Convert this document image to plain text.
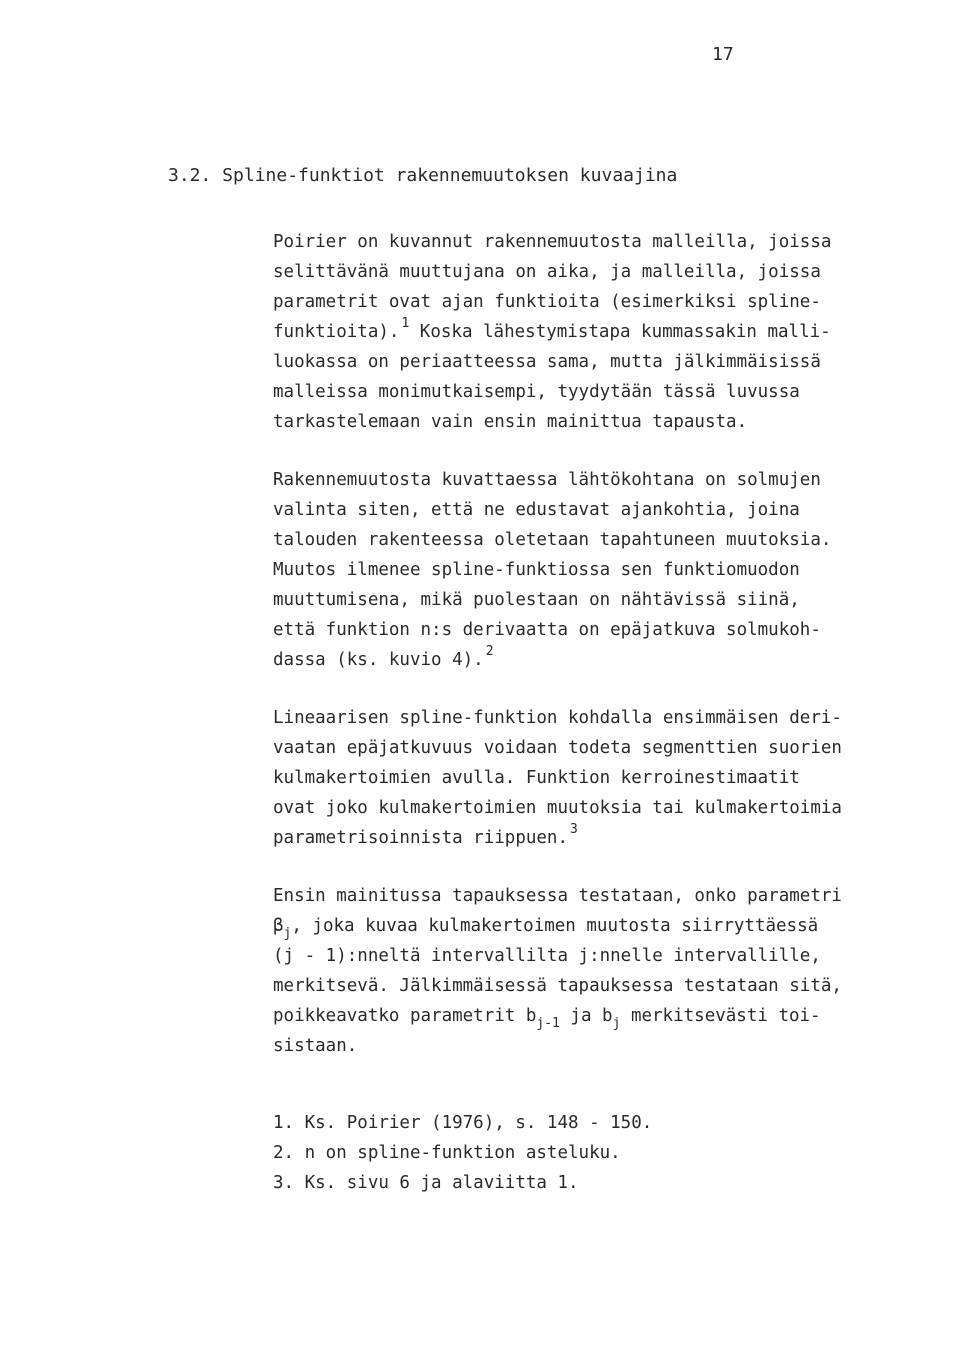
17
3.2. Spline-funktiot rakennemuutoksen kuvaajina
Poirier on kuvannut rakennemuutosta malleilla, joissa
selittävänä muuttujana on aika, ja malleilla, joissa
parametrit ovat ajan funktioita (esimerkiksi spline-
funktioita). $^1$ Koska lähestymistapa kummassakin malli-
luokassa on periaatteessa sama, mutta jälkimmäisissä
malleissa monimutkaisempi, tyydytään tässä luvussa
tarkastelemaan vain ensin mainittua tapausta.
Rakennemuutosta kuvattaessa lähtökohtana on solmujen
valinta siten, että ne edustavat ajankohtia, joina
talouden rakenteessa oletetaan tapahtuneen muutoksia.
Muutos ilmenee spline-funktiossa sen funktiomuodon
muuttumisena, mikä puolestaan on nähtävissä siinä,
että funktion n:s derivaatta on epäjatkuva solmukoh-
dassa (ks. kuvio 4). $^2$
Lineaarisen spline-funktion kohdalla ensimmäisen deri-
vaatan epäjatkuvuus voidaan todeta segmenttien suorien
kulmakertoimien avulla. Funktion kerroinestimaatit
ovat joko kulmakertoimien muutoksia tai kulmakertoimia
parametrisoinnista riippuen. $^3$
Ensin mainitussa tapauksessa testataan, onko parametri
$\beta_j$, joka kuvaa kulmakertoimen muutosta siirryttäessä
(j - 1):nneltä intervallilta j:nnelle intervallille,
merkitsevä. Jälkimmäisessä tapauksessa testataan sitä,
poikkeavatko parametrit $b_{j-1}$ ja $b_j$ merkitsevästi toi-
sistaan.
1. Ks. Poirier (1976), s. 148 - 150.
2. n on spline-funktion asteluku.
3. Ks. sivu 6 ja alaviitta 1.
